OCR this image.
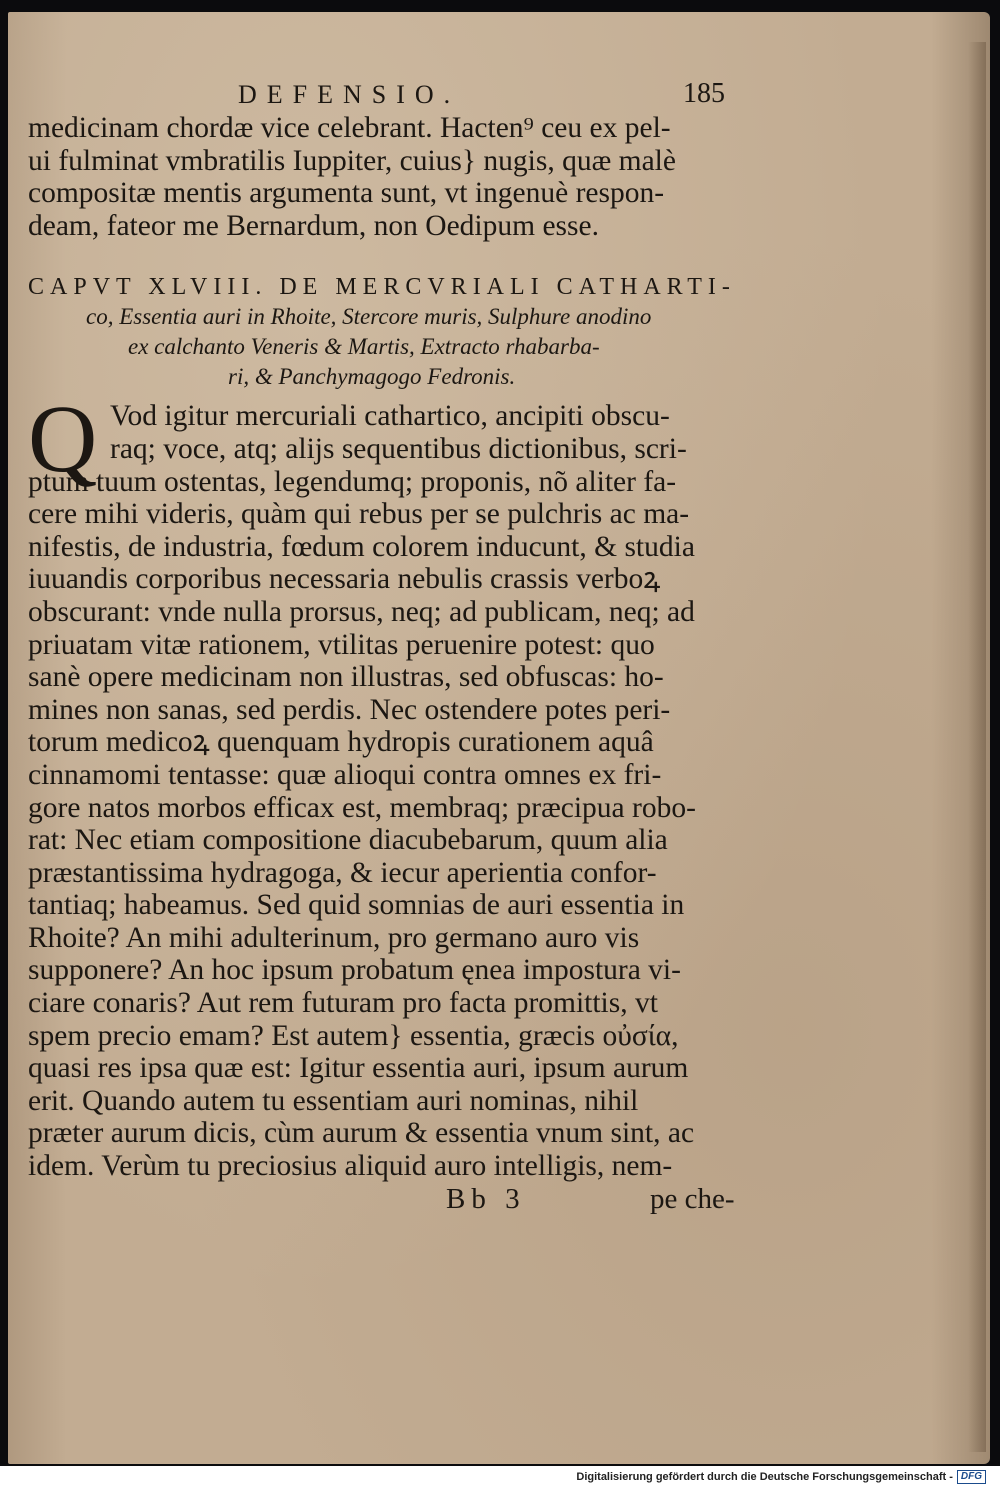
DEFENSIO.	185
medicinam chordæ vice celebrant. Hacten⁹ ceu ex pel-
ui fulminat vmbratilis Iuppiter, cuius} nugis, quæ malè
compositæ mentis argumenta sunt, vt ingenuè respon-
deam, fateor me Bernardum, non Oedipum esse.
CAPVT XLVIII. DE MERCVRIALI CATHARTI-
co, Essentia auri in Rhoite, Stercore muris, Sulphure anodino
ex calchanto Veneris & Martis, Extracto rhabarba-
ri, & Panchymagogo Fedronis.
Q Vod igitur mercuriali cathartico, ancipiti obscu-
raq; voce, atq; alijs sequentibus dictionibus, scri-
ptum tuum ostentas, legendumq; proponis, nõ aliter fa-
cere mihi videris, quàm qui rebus per se pulchris ac ma-
nifestis, de industria, fœdum colorem inducunt, & studia
iuuandis corporibus necessaria nebulis crassis verboꝝ
obscurant: vnde nulla prorsus, neq; ad publicam, neq; ad
priuatam vitæ rationem, vtilitas peruenire potest: quo
sanè opere medicinam non illustras, sed obfuscas: ho-
mines non sanas, sed perdis. Nec ostendere potes peri-
torum medicoꝝ quenquam hydropis curationem aquâ
cinnamomi tentasse: quæ alioqui contra omnes ex fri-
gore natos morbos efficax est, membraq; præcipua robo-
rat: Nec etiam compositione diacubebarum, quum alia
præstantissima hydragoga, & iecur aperientia confor-
tantiaq; habeamus. Sed quid somnias de auri essentia in
Rhoite? An mihi adulterinum, pro germano auro vis
supponere? An hoc ipsum probatum ęnea impostura vi-
ciare conaris? Aut rem futuram pro facta promittis, vt
spem precio emam? Est autem} essentia, græcis οὐσία,
quasi res ipsa quæ est: Igitur essentia auri, ipsum aurum
erit. Quando autem tu essentiam auri nominas, nihil
præter aurum dicis, cùm aurum & essentia vnum sint, ac
idem. Verùm tu preciosius aliquid auro intelligis, nem-
Bb 3	pe che-
Digitalisierung gefördert durch die Deutsche Forschungsgemeinschaft - DFG
